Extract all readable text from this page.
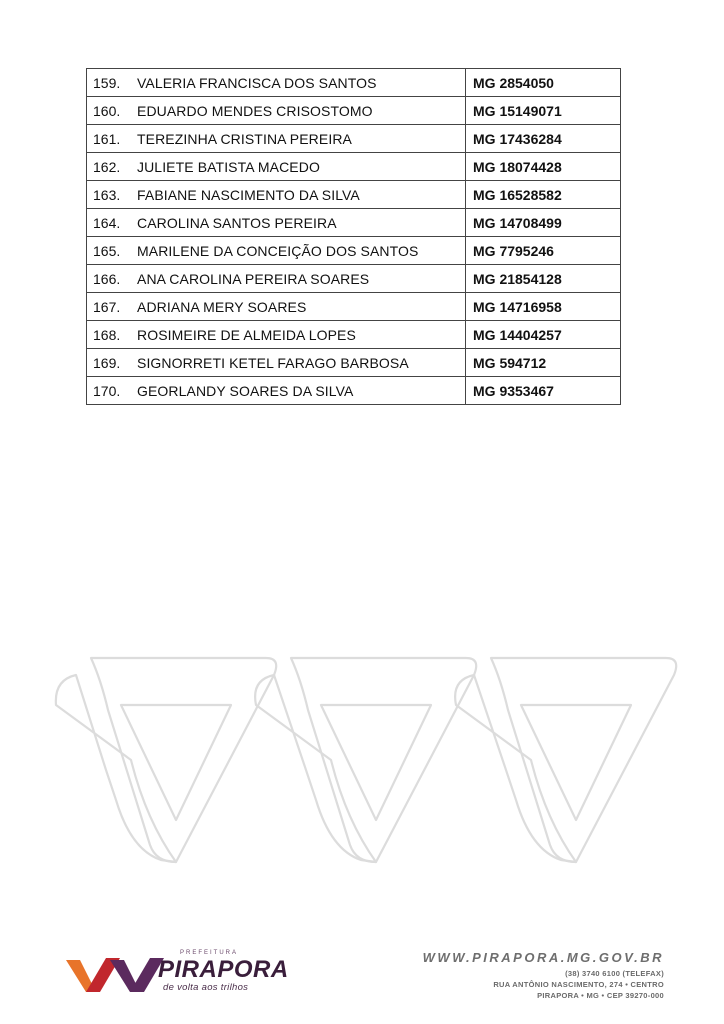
159. VALERIA FRANCISCA DOS SANTOS	MG 2854050
160. EDUARDO MENDES CRISOSTOMO	MG 15149071
161. TEREZINHA CRISTINA PEREIRA	MG 17436284
162. JULIETE BATISTA MACEDO	MG 18074428
163. FABIANE NASCIMENTO DA SILVA	MG 16528582
164. CAROLINA SANTOS PEREIRA	MG 14708499
165. MARILENE DA CONCEIÇÃO DOS SANTOS	MG 7795246
166. ANA CAROLINA PEREIRA SOARES	MG 21854128
167. ADRIANA MERY SOARES	MG 14716958
168. ROSIMEIRE DE ALMEIDA LOPES	MG 14404257
169. SIGNORRETI KETEL FARAGO BARBOSA	MG 594712
170. GEORLANDY SOARES DA SILVA	MG 9353467
PREFEITURA
PIRAPORA
de volta aos trilhos
WWW.PIRAPORA.MG.GOV.BR
(38) 3740 6100 (TELEFAX)
RUA ANTÔNIO NASCIMENTO, 274 • CENTRO
PIRAPORA • MG • CEP 39270-000
